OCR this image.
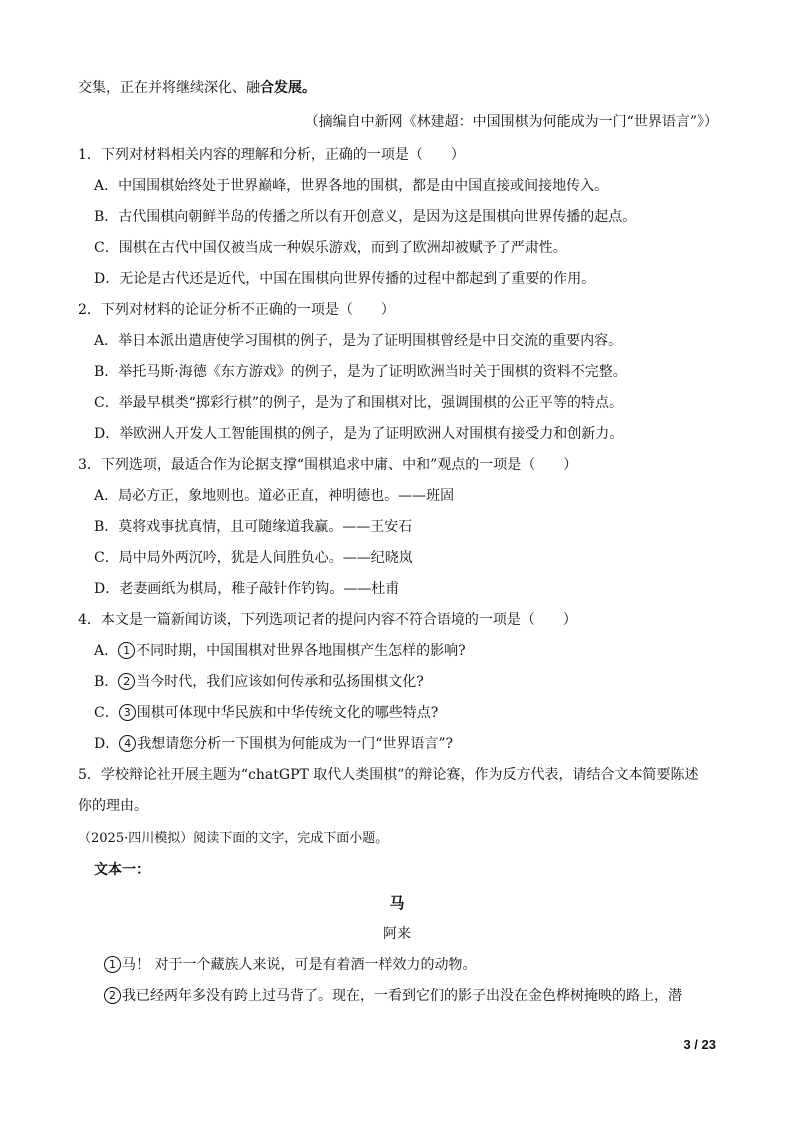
交集，正在并将继续深化、融合发展。
（摘编自中新网《林建超：中国围棋为何能成为一门“世界语言”》）
1．下列对材料相关内容的理解和分析，正确的一项是（　　）
A．中国围棋始终处于世界巅峰，世界各地的围棋，都是由中国直接或间接地传入。
B．古代围棋向朝鲜半岛的传播之所以有开创意义，是因为这是围棋向世界传播的起点。
C．围棋在古代中国仅被当成一种娱乐游戏，而到了欧洲却被赋予了严肃性。
D．无论是古代还是近代，中国在围棋向世界传播的过程中都起到了重要的作用。
2．下列对材料的论证分析不正确的一项是（　　）
A．举日本派出遣唐使学习围棋的例子，是为了证明围棋曾经是中日交流的重要内容。
B．举托马斯·海德《东方游戏》的例子，是为了证明欧洲当时关于围棋的资料不完整。
C．举最早棋类“掷彩行棋”的例子，是为了和围棋对比，强调围棋的公正平等的特点。
D．举欧洲人开发人工智能围棋的例子，是为了证明欧洲人对围棋有接受力和创新力。
3．下列选项，最适合作为论据支撑“围棋追求中庸、中和”观点的一项是（　　）
A．局必方正，象地则也。道必正直，神明德也。——班固
B．莫将戏事扰真情，且可随缘道我赢。——王安石
C．局中局外两沉吟，犹是人间胜负心。——纪晓岚
D．老妻画纸为棋局，稚子敲针作钓钩。——杜甫
4．本文是一篇新闻访谈，下列选项记者的提问内容不符合语境的一项是（　　）
A． 1 不同时期，中国围棋对世界各地围棋产生怎样的影响?
B． 2 当今时代，我们应该如何传承和弘扬围棋文化?
C． 3 围棋可体现中华民族和中华传统文化的哪些特点?
D． 4 我想请您分析一下围棋为何能成为一门“世界语言”?
5．学校辩论社开展主题为“chatGPT 取代人类围棋”的辩论赛，作为反方代表，请结合文本简要陈述
你的理由。
（2025·四川模拟）阅读下面的文字，完成下面小题。
文本一：
马
阿来
1 马！ 对于一个藏族人来说，可是有着酒一样效力的动物。
2 我已经两年多没有跨上过马背了。现在，一看到它们的影子出没在金色桦树掩映的路上，潜
3 / 23
